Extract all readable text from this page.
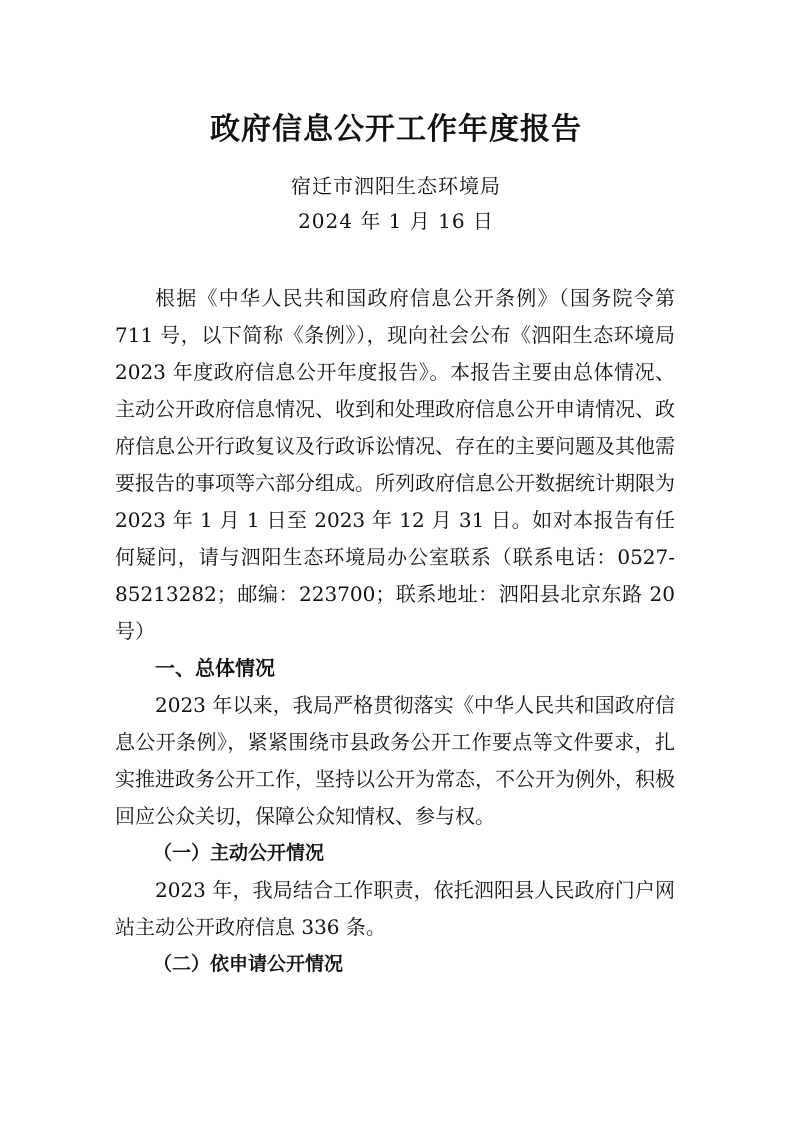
政府信息公开工作年度报告
宿迁市泗阳生态环境局
2024 年 1 月 16 日

根据《中华人民共和国政府信息公开条例》（国务院令第 711 号，以下简称《条例》），现向社会公布《泗阳生态环境局 2023 年度政府信息公开年度报告》。本报告主要由总体情况、主动公开政府信息情况、收到和处理政府信息公开申请情况、政府信息公开行政复议及行政诉讼情况、存在的主要问题及其他需要报告的事项等六部分组成。所列政府信息公开数据统计期限为 2023 年 1 月 1 日至 2023 年 12 月 31 日。如对本报告有任何疑问，请与泗阳生态环境局办公室联系（联系电话：0527-85213282；邮编：223700；联系地址：泗阳县北京东路 20 号）

一、总体情况

2023 年以来，我局严格贯彻落实《中华人民共和国政府信息公开条例》，紧紧围绕市县政务公开工作要点等文件要求，扎实推进政务公开工作，坚持以公开为常态，不公开为例外，积极回应公众关切，保障公众知情权、参与权。

（一）主动公开情况

2023 年，我局结合工作职责，依托泗阳县人民政府门户网站主动公开政府信息 336 条。

（二）依申请公开情况
